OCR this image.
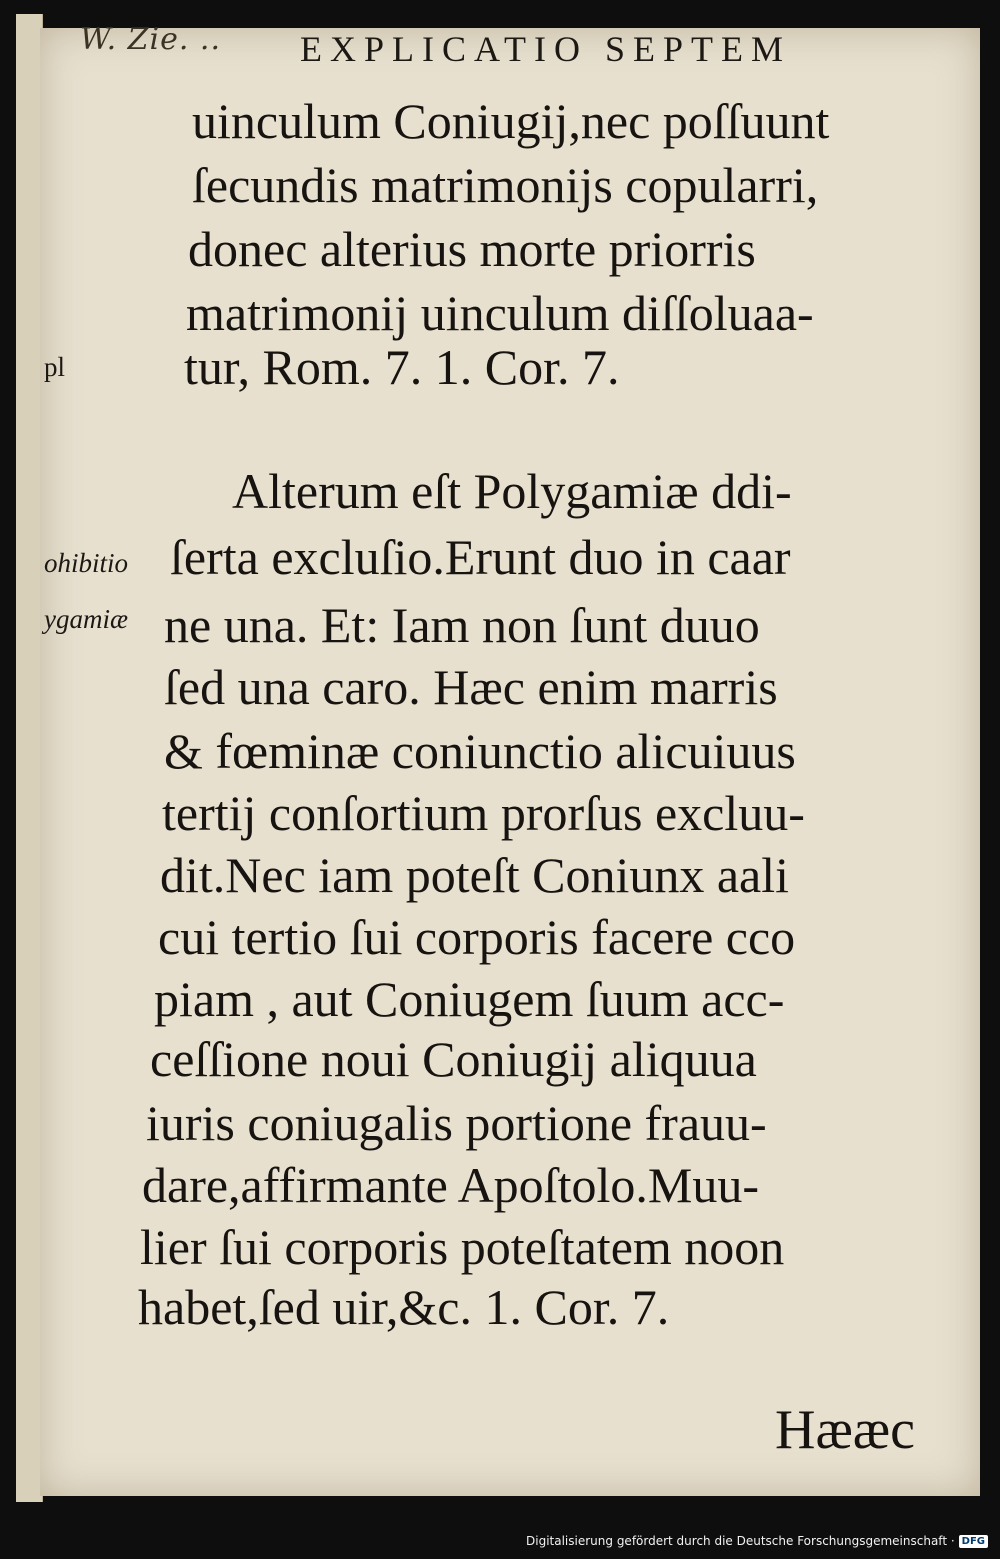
W. Zie. .. EXPLICATIO SEPTEM
pl
ohibitio
ygamiæ
uinculum Coniugij,nec poſſuunt
ſecundis matrimonijs copularri,
donec alterius morte priorris
matrimonij uinculum diſſoluaa-
tur, Rom. 7. 1. Cor. 7.
Alterum eſt Polygamiæ ddi-
ſerta excluſio.Erunt duo in caar
ne una. Et: Iam non ſunt duuo
ſed una caro. Hæc enim marris
& fœminæ coniunctio alicuiuus
tertij conſortium prorſus excluu-
dit.Nec iam poteſt Coniunx aali
cui tertio ſui corporis facere cco
piam , aut Coniugem ſuum acc-
ceſſione noui Coniugij aliquua
iuris coniugalis portione frauu-
dare,affirmante Apoſtolo.Muu-
lier ſui corporis poteſtatem noon
habet,ſed uir,&c. 1. Cor. 7.
Hææc
Digitalisierung gefördert durch die Deutsche Forschungsgemeinschaft · DFG
